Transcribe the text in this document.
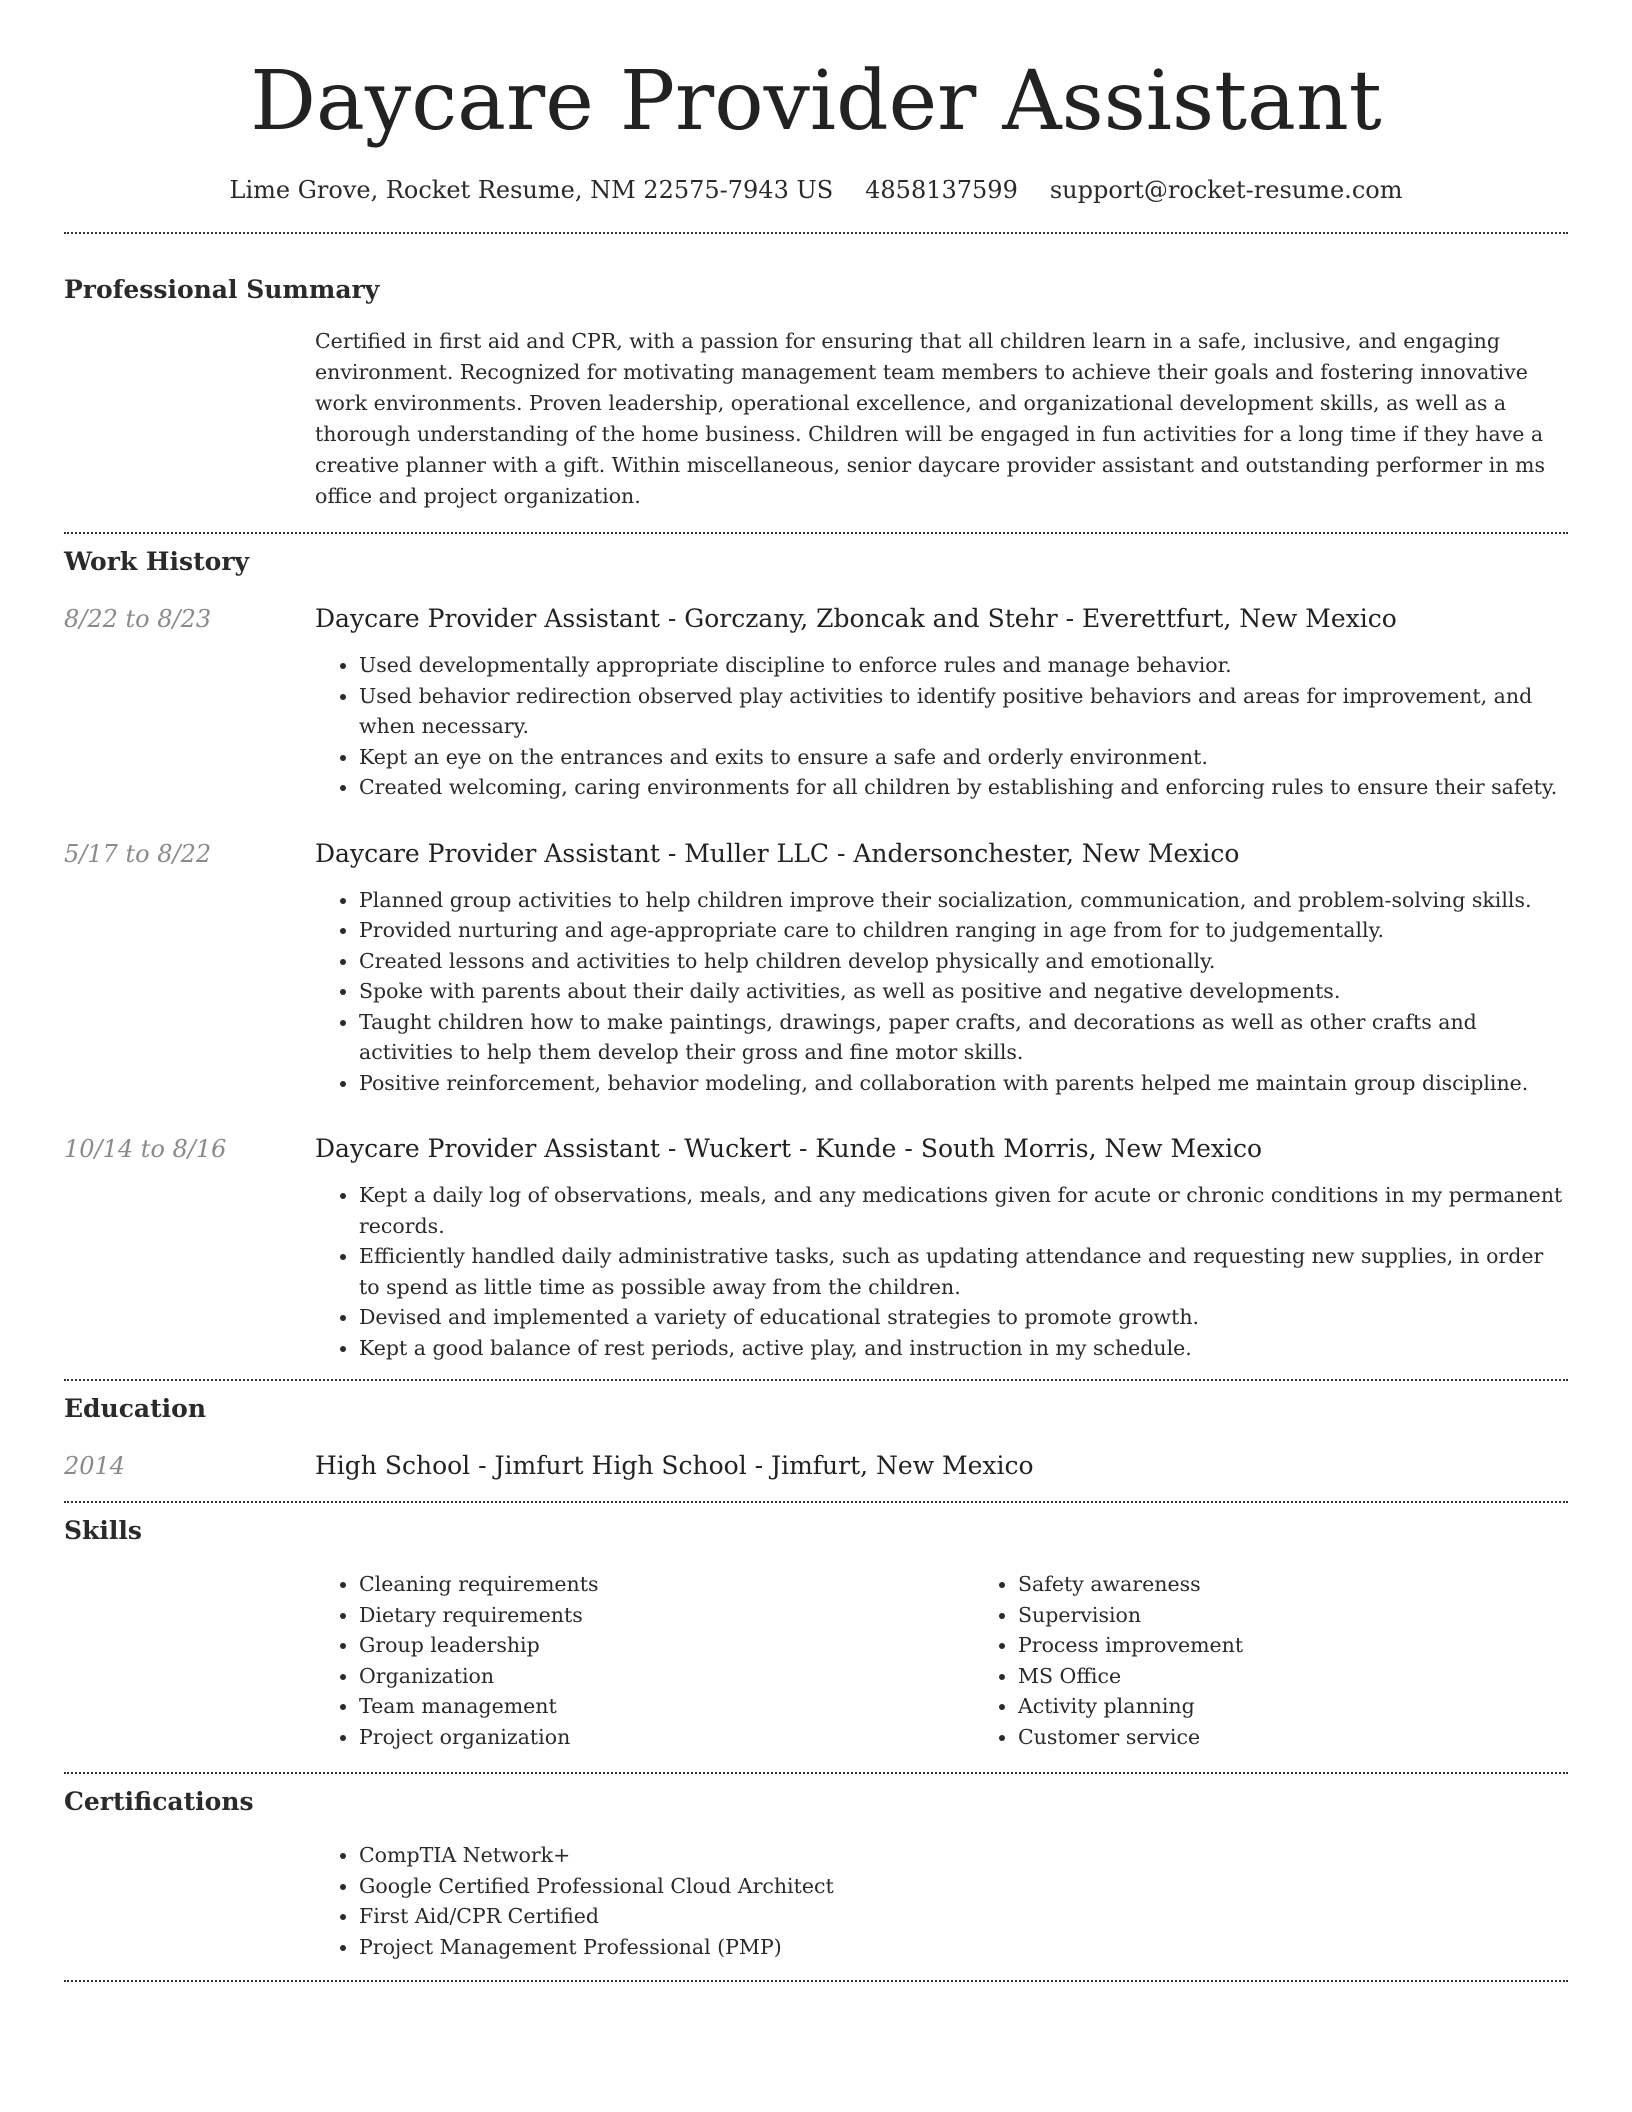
Daycare Provider Assistant
Lime Grove, Rocket Resume, NM 22575-7943 US 4858137599 support@rocket-resume.com
Professional Summary

Certified in first aid and CPR, with a passion for ensuring that all children learn in a safe, inclusive, and engaging environment. Recognized for motivating management team members to achieve their goals and fostering innovative work environments. Proven leadership, operational excellence, and organizational development skills, as well as a thorough understanding of the home business. Children will be engaged in fun activities for a long time if they have a creative planner with a gift. Within miscellaneous, senior daycare provider assistant and outstanding performer in ms office and project organization.

Work History
8/22 to 8/23	Daycare Provider Assistant - Gorczany, Zboncak and Stehr - Everettfurt, New Mexico
• Used developmentally appropriate discipline to enforce rules and manage behavior.
• Used behavior redirection observed play activities to identify positive behaviors and areas for improvement, and when necessary.
• Kept an eye on the entrances and exits to ensure a safe and orderly environment.
• Created welcoming, caring environments for all children by establishing and enforcing rules to ensure their safety.
5/17 to 8/22	Daycare Provider Assistant - Muller LLC - Andersonchester, New Mexico
• Planned group activities to help children improve their socialization, communication, and problem-solving skills.
• Provided nurturing and age-appropriate care to children ranging in age from for to judgementally.
• Created lessons and activities to help children develop physically and emotionally.
• Spoke with parents about their daily activities, as well as positive and negative developments.
• Taught children how to make paintings, drawings, paper crafts, and decorations as well as other crafts and activities to help them develop their gross and fine motor skills.
• Positive reinforcement, behavior modeling, and collaboration with parents helped me maintain group discipline.
10/14 to 8/16	Daycare Provider Assistant - Wuckert - Kunde - South Morris, New Mexico
• Kept a daily log of observations, meals, and any medications given for acute or chronic conditions in my permanent records.
• Efficiently handled daily administrative tasks, such as updating attendance and requesting new supplies, in order to spend as little time as possible away from the children.
• Devised and implemented a variety of educational strategies to promote growth.
• Kept a good balance of rest periods, active play, and instruction in my schedule.
Education
2014	High School - Jimfurt High School - Jimfurt, New Mexico
Skills
• Cleaning requirements
• Dietary requirements
• Group leadership
• Organization
• Team management
• Project organization
• Safety awareness
• Supervision
• Process improvement
• MS Office
• Activity planning
• Customer service
Certifications
• CompTIA Network+
• Google Certified Professional Cloud Architect
• First Aid/CPR Certified
• Project Management Professional (PMP)
